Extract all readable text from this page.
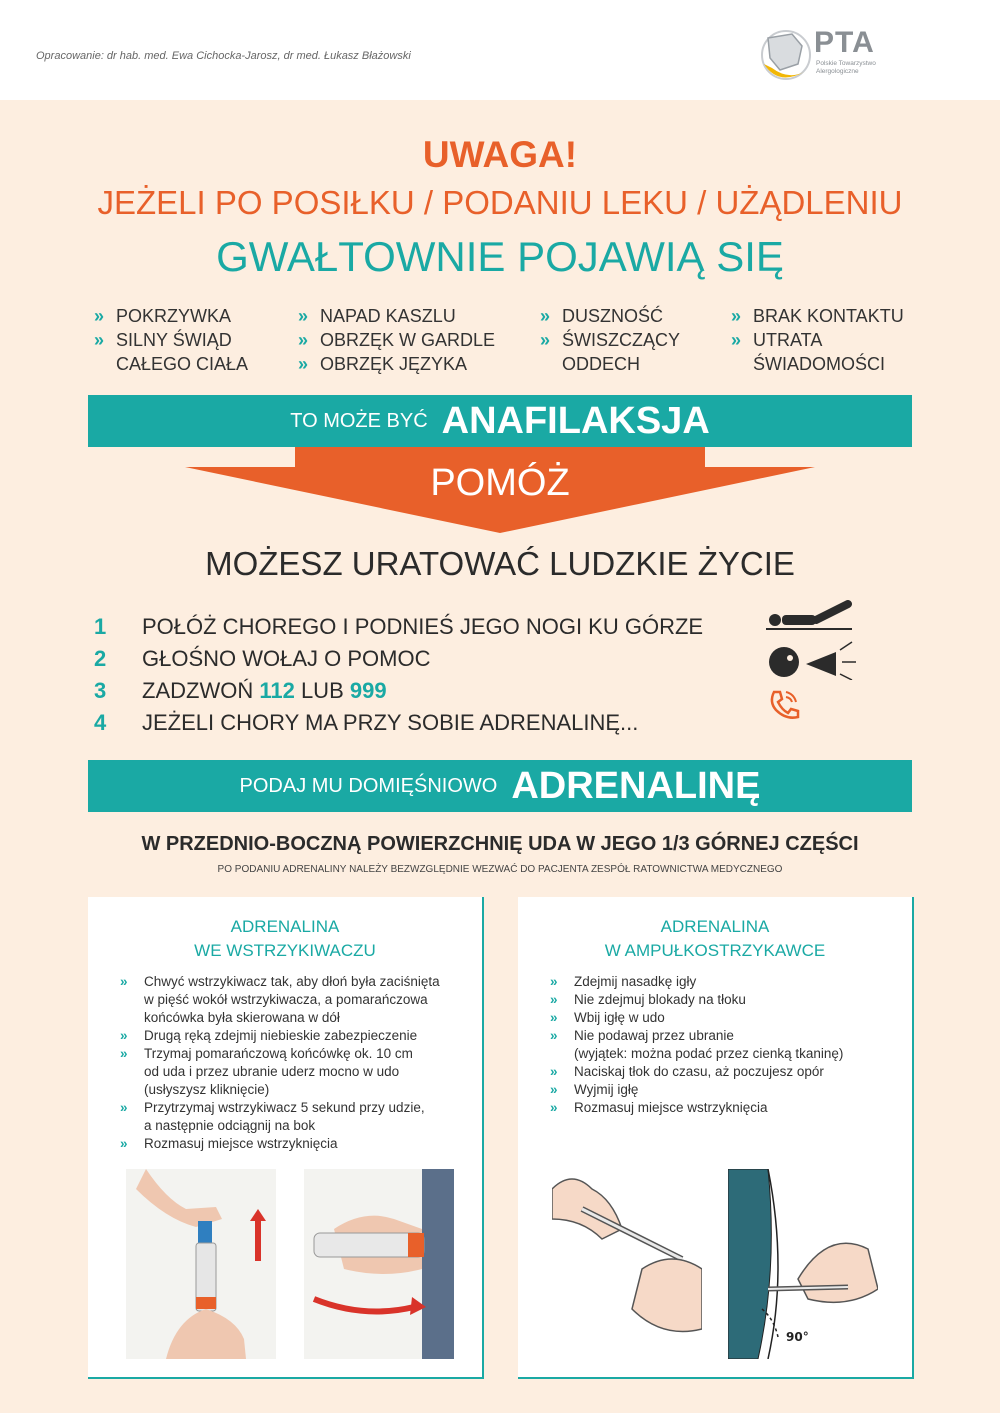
Opracowanie: dr hab. med. Ewa Cichocka-Jarosz, dr med. Łukasz Błażowski	PTA
Polskie Towarzystwo
Alergologiczne
UWAGA!
JEŻELI PO POSIŁKU / PODANIU LEKU / UŻĄDLENIU
GWAŁTOWNIE POJAWIĄ SIĘ
» POKRZYWKA
» SILNY ŚWIĄD
CAŁEGO CIAŁA
» NAPAD KASZLU
» OBRZĘK W GARDLE
» OBRZĘK JĘZYKA
» DUSZNOŚĆ
» ŚWISZCZĄCY
ODDECH
» BRAK KONTAKTU
» UTRATA
ŚWIADOMOŚCI
TO MOŻE BYĆ ANAFILAKSJA
POMÓŻ
MOŻESZ URATOWAĆ LUDZKIE ŻYCIE
1 POŁÓŻ CHOREGO I PODNIEŚ JEGO NOGI KU GÓRZE
2 GŁOŚNO WOŁAJ O POMOC
3 ZADZWOŃ 112 LUB 999
4 JEŻELI CHORY MA PRZY SOBIE ADRENALINĘ...
PODAJ MU DOMIĘŚNIOWO ADRENALINĘ
W PRZEDNIO-BOCZNĄ POWIERZCHNIĘ UDA W JEGO 1/3 GÓRNEJ CZĘŚCI
PO PODANIU ADRENALINY NALEŻY BEZWZGLĘDNIE WEZWAĆ DO PACJENTA ZESPÓŁ RATOWNICTWA MEDYCZNEGO
ADRENALINA
WE WSTRZYKIWACZU
» Chwyć wstrzykiwacz tak, aby dłoń była zaciśnięta
w pięść wokół wstrzykiwacza, a pomarańczowa
końcówka była skierowana w dół
» Drugą ręką zdejmij niebieskie zabezpieczenie
» Trzymaj pomarańczową końcówkę ok. 10 cm
od uda i przez ubranie uderz mocno w udo
(usłyszysz kliknięcie)
» Przytrzymaj wstrzykiwacz 5 sekund przy udzie,
a następnie odciągnij na bok
» Rozmasuj miejsce wstrzyknięcia
ADRENALINA
W AMPUŁKOSTRZYKAWCE
» Zdejmij nasadkę igły
» Nie zdejmuj blokady na tłoku
» Wbij igłę w udo
» Nie podawaj przez ubranie
(wyjątek: można podać przez cienką tkaninę)
» Naciskaj tłok do czasu, aż poczujesz opór
» Wyjmij igłę
» Rozmasuj miejsce wstrzyknięcia
90°
